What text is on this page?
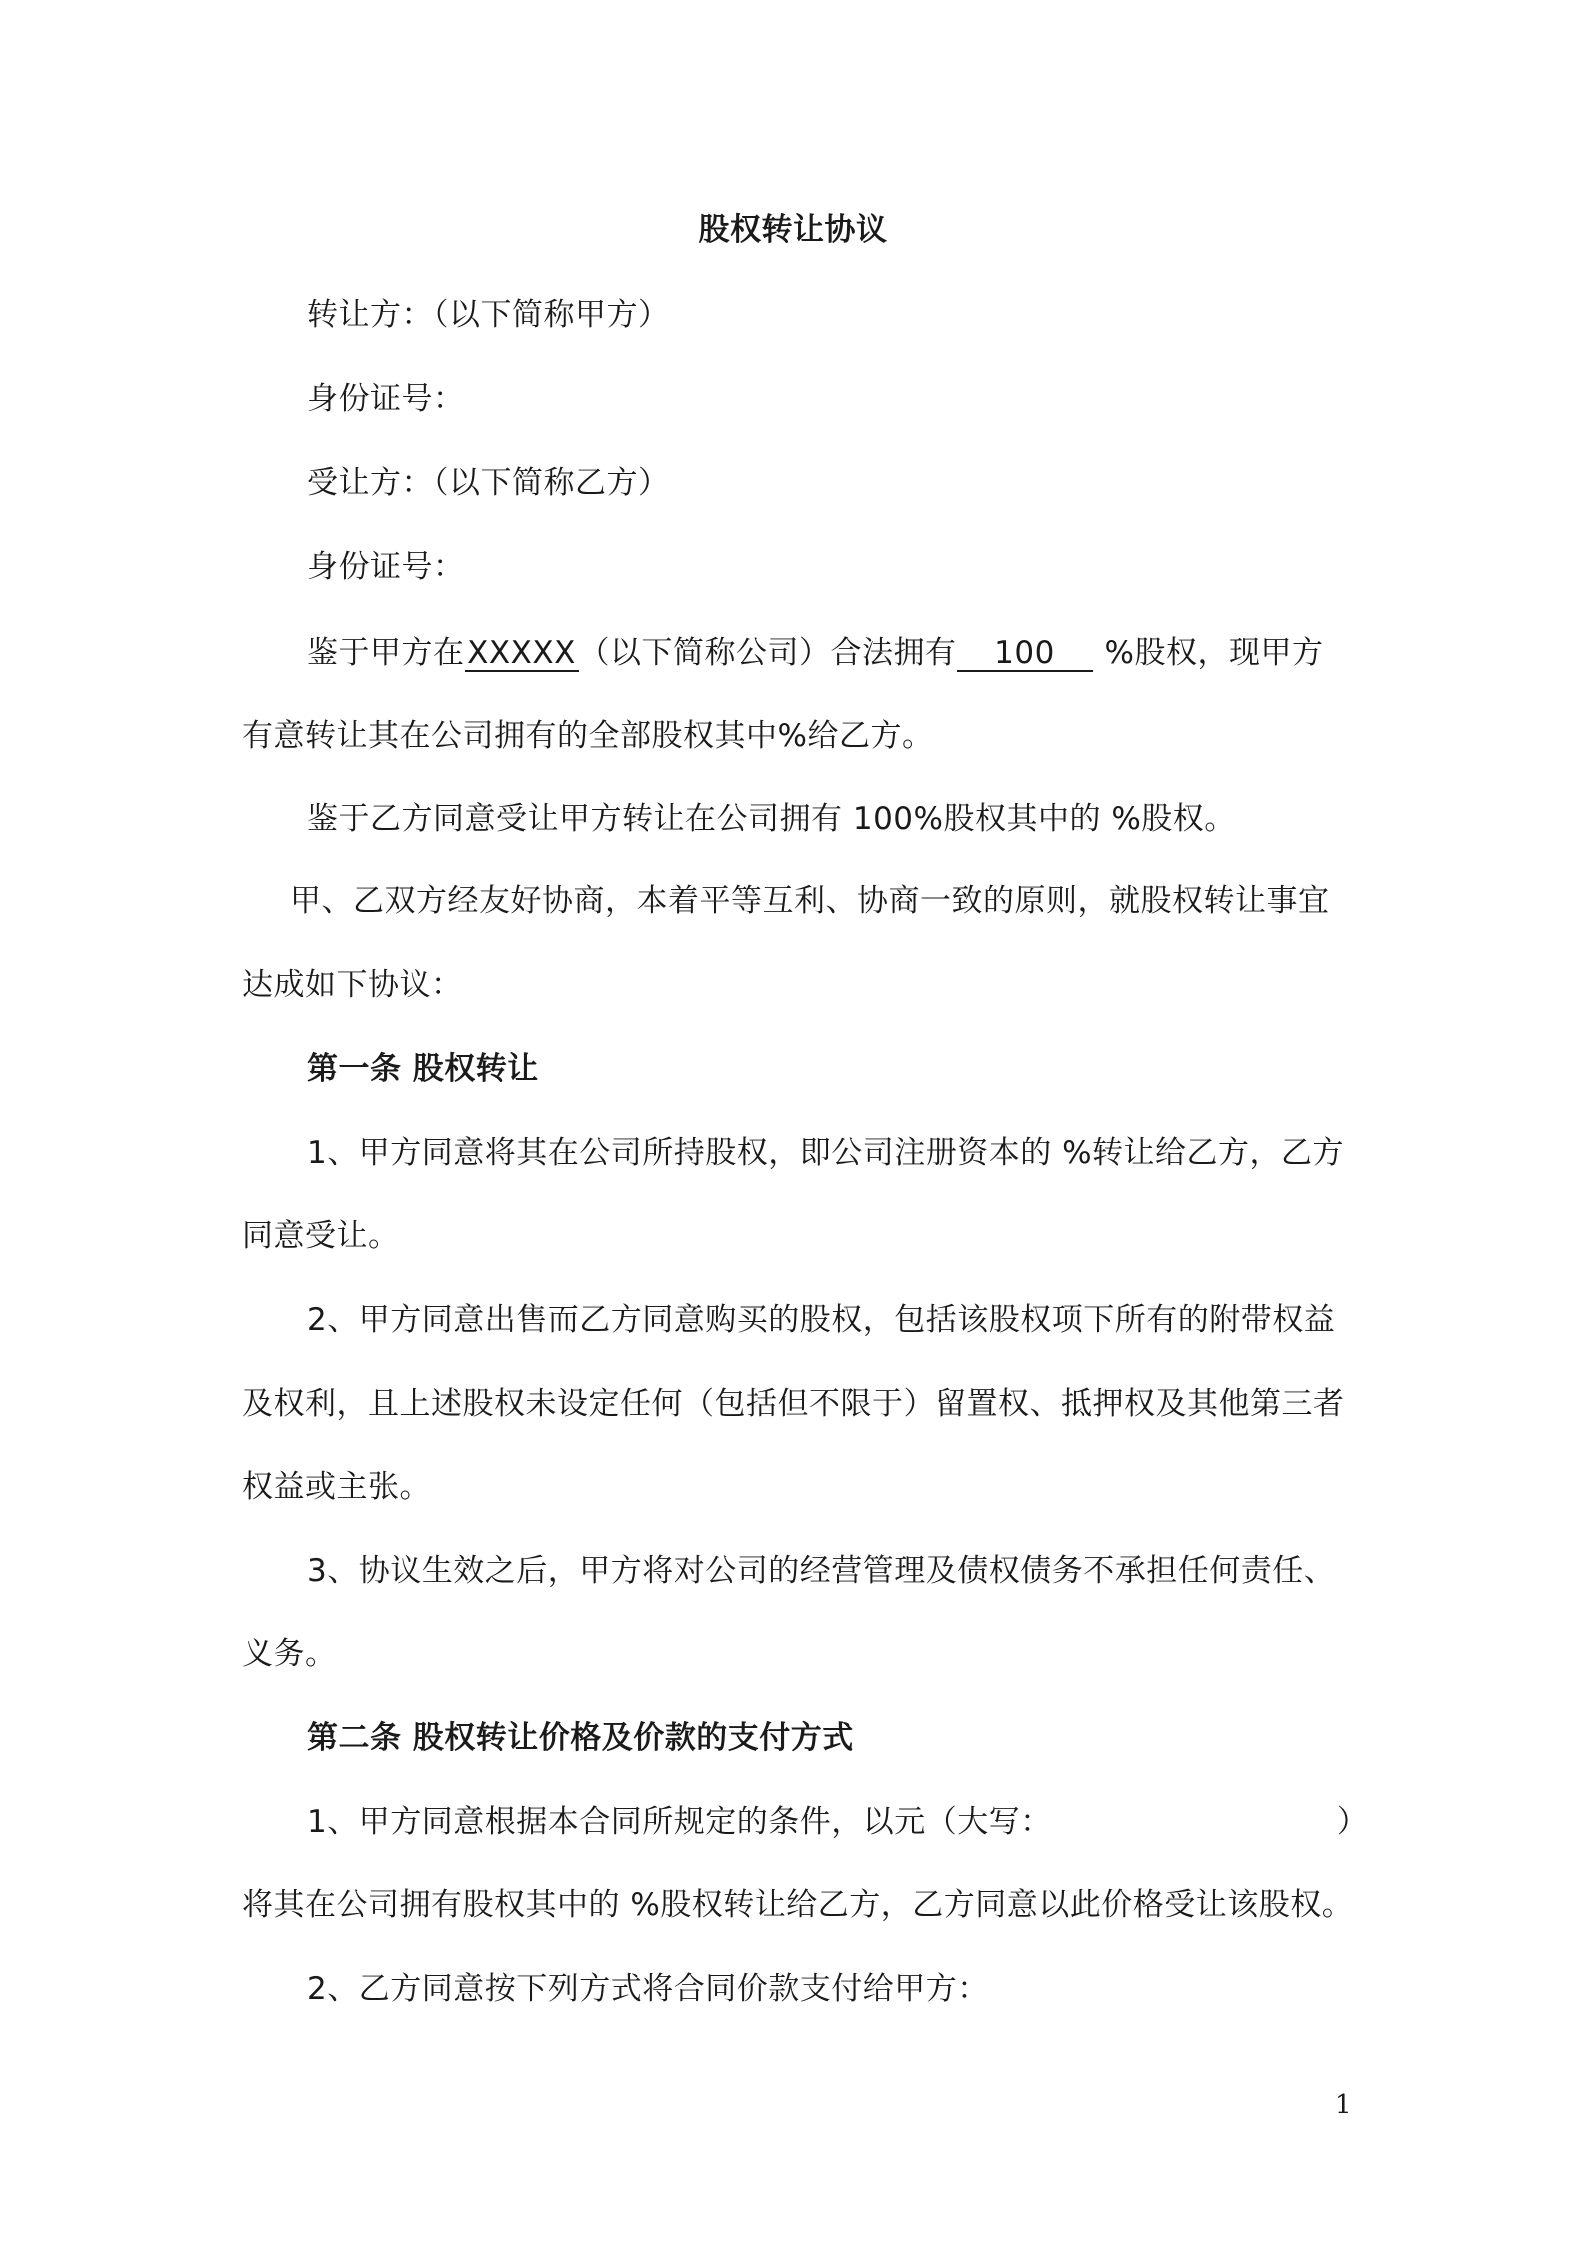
股权转让协议
转让方：（以下简称甲方）
身份证号：
受让方：（以下简称乙方）
身份证号：
鉴于甲方在XXXXX（以下简称公司）合法拥有 100 %股权，现甲方
有意转让其在公司拥有的全部股权其中%给乙方。
鉴于乙方同意受让甲方转让在公司拥有 100%股权其中的 %股权。
甲、乙双方经友好协商，本着平等互利、协商一致的原则，就股权转让事宜
达成如下协议：
第一条 股权转让
1、甲方同意将其在公司所持股权，即公司注册资本的 %转让给乙方，乙方
同意受让。
2、甲方同意出售而乙方同意购买的股权，包括该股权项下所有的附带权益
及权利，且上述股权未设定任何（包括但不限于）留置权、抵押权及其他第三者
权益或主张。
3、协议生效之后，甲方将对公司的经营管理及债权债务不承担任何责任、
义务。
第二条 股权转让价格及价款的支付方式
1、甲方同意根据本合同所规定的条件，以元（大写：	）
将其在公司拥有股权其中的 %股权转让给乙方，乙方同意以此价格受让该股权。
2、乙方同意按下列方式将合同价款支付给甲方：
1
